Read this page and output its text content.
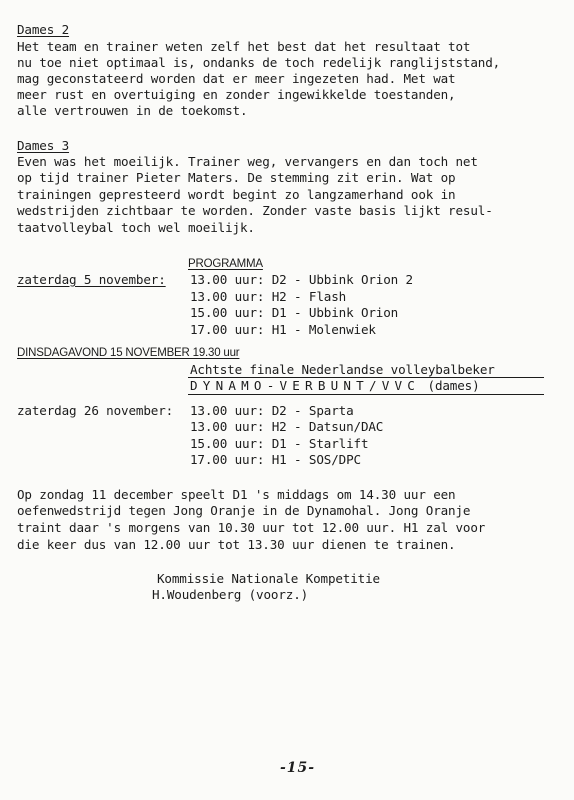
Dames 2
Het team en trainer weten zelf het best dat het resultaat tot
nu toe niet optimaal is, ondanks de toch redelijk ranglijststand,
mag geconstateerd worden dat er meer ingezeten had. Met wat
meer rust en overtuiging en zonder ingewikkelde toestanden,
alle vertrouwen in de toekomst.
Dames 3
Even was het moeilijk. Trainer weg, vervangers en dan toch net
op tijd trainer Pieter Maters. De stemming zit erin. Wat op
trainingen gepresteerd wordt begint zo langzamerhand ook in
wedstrijden zichtbaar te worden. Zonder vaste basis lijkt resul-
taatvolleybal toch wel moeilijk.
PROGRAMMA
zaterdag 5 november: 13.00 uur: D2 - Ubbink Orion 2
13.00 uur: H2 - Flash
15.00 uur: D1 - Ubbink Orion
17.00 uur: H1 - Molenwiek
DINSDAGAVOND 15 NOVEMBER 19.30 uur
Achtste finale Nederlandse volleybalbeker
DYNAMO-VERBUNT/VVC (dames)
zaterdag 26 november: 13.00 uur: D2 - Sparta
13.00 uur: H2 - Datsun/DAC
15.00 uur: D1 - Starlift
17.00 uur: H1 - SOS/DPC
Op zondag 11 december speelt D1 's middags om 14.30 uur een
oefenwedstrijd tegen Jong Oranje in de Dynamohal. Jong Oranje
traint daar 's morgens van 10.30 uur tot 12.00 uur. H1 zal voor
die keer dus van 12.00 uur tot 13.30 uur dienen te trainen.
Kommissie Nationale Kompetitie
H.Woudenberg (voorz.)
-15-
